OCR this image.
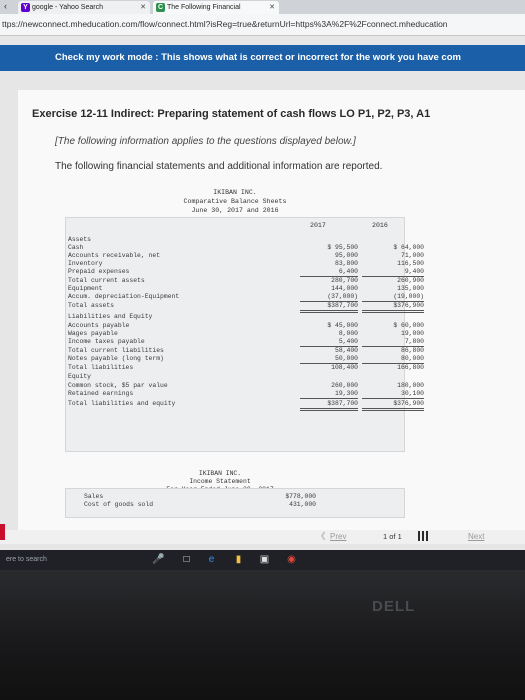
‹	Y google - Yahoo Search	✕ C The Following Financial	✕
ttps://newconnect.mheducation.com/flow/connect.html?isReg=true&returnUrl=https%3A%2F%2Fconnect.mheducation
Check my work mode : This shows what is correct or incorrect for the work you have com
Exercise 12-11 Indirect: Preparing statement of cash flows LO P1, P2, P3, A1
[The following information applies to the questions displayed below.]
The following financial statements and additional information are reported.
IKIBAN INC.
Comparative Balance Sheets
June 30, 2017 and 2016
2017	2016
Assets
Cash	$ 95,500	$ 64,000
Accounts receivable, net	95,000	71,000
Inventory	83,800	116,500
Prepaid expenses	6,400	9,400
Total current assets	280,700	260,900
Equipment	144,000	135,000
Accum. depreciation-Equipment	(37,000)	(19,000)
Total assets	$387,700	$376,900
Liabilities and Equity
Accounts payable	$ 45,000	$ 60,000
Wages payable	8,000	19,000
Income taxes payable	5,400	7,800
Total current liabilities	58,400	86,800
Notes payable (long term)	50,000	80,000
Total liabilities	108,400	166,800
Equity
Common stock, $5 par value	260,000	180,000
Retained earnings	19,300	30,100
Total liabilities and equity	$387,700	$376,900
IKIBAN INC.
Income Statement
Sales	$778,000
Cost of goods sold	431,000
❮ Prev	1 of 1	Next
ere to search	🎤	□	e	▮	▣ ◉
DELL
